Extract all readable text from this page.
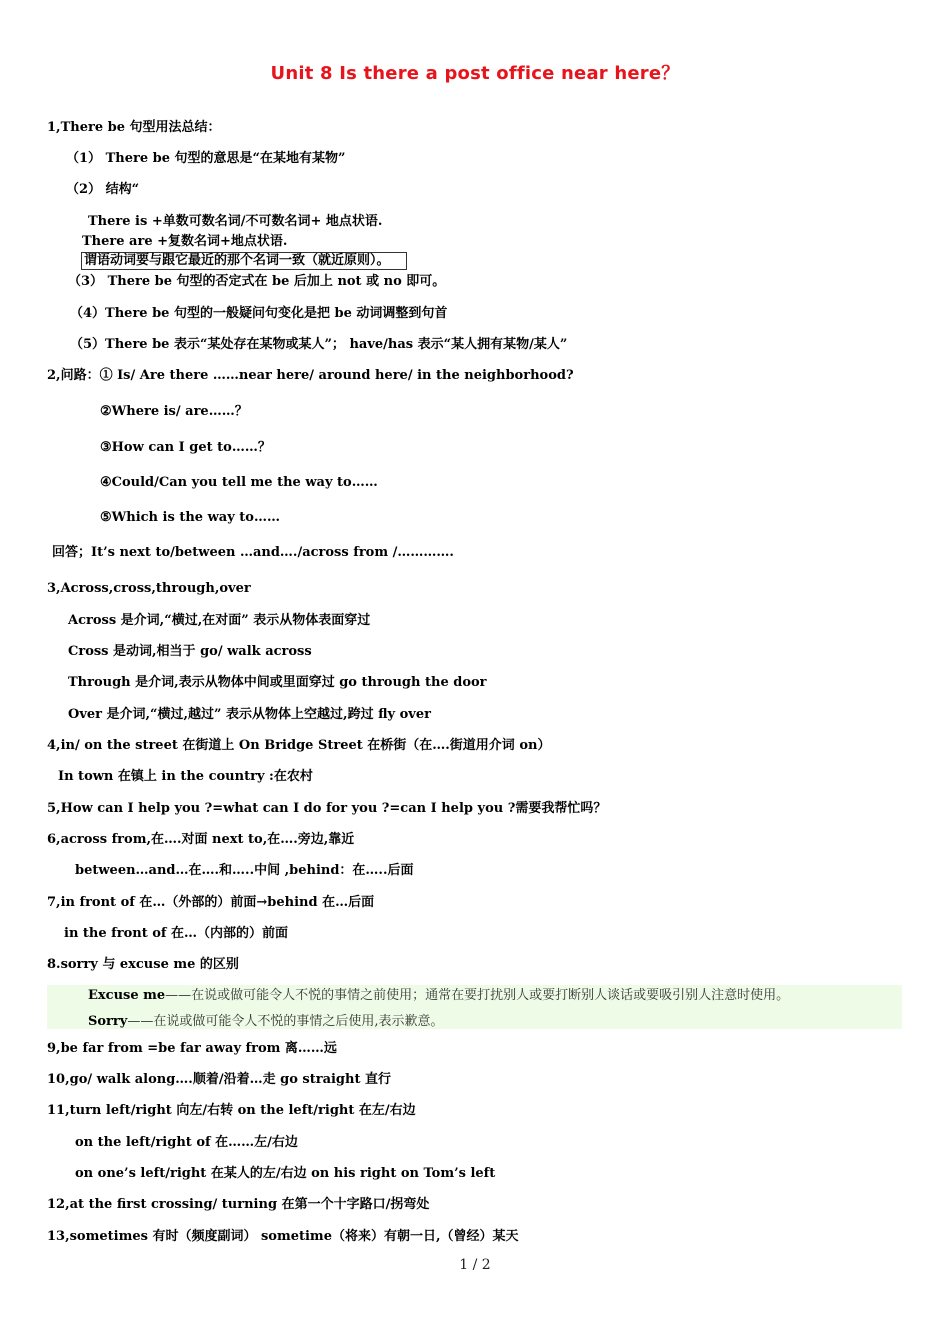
Unit 8 Is there a post office near here？
1,There be 句型用法总结：
（1） There be 句型的意思是“在某地有某物”
（2） 结构“
There is +单数可数名词/不可数名词+ 地点状语.
There are +复数名词+地点状语.
谓语动词要与跟它最近的那个名词一致（就近原则）。
（3） There be 句型的否定式在 be 后加上 not 或 no 即可。
（4）There be 句型的一般疑问句变化是把 be 动词调整到句首
（5）There be 表示“某处存在某物或某人”； have/has 表示“某人拥有某物/某人”
2,问路：① Is/ Are there ……near here/ around here/ in the neighborhood?
②Where is/ are……？
③How can I get to……？
④Could/Can you tell me the way to……
⑤Which is the way to……
回答；It’s next to/between …and…./across from /………….
3,Across,cross,through,over
Across 是介词,“横过,在对面” 表示从物体表面穿过
Cross 是动词,相当于 go/ walk across
Through 是介词,表示从物体中间或里面穿过 go through the door
Over 是介词,“横过,越过” 表示从物体上空越过,跨过 fly over
4,in/ on the street 在街道上 On Bridge Street 在桥街（在….街道用介词 on）
In town 在镇上 in the country :在农村
5,How can I help you ?=what can I do for you ?=can I help you ?需要我帮忙吗？
6,across from,在….对面 next to,在….旁边,靠近
between…and…在….和…..中间 ,behind：在…..后面
7,in front of 在…（外部的）前面→behind 在…后面
in the front of 在…（内部的）前面
8.sorry 与 excuse me 的区别
Excuse me——在说或做可能令人不悦的事情之前使用；通常在要打扰别人或要打断别人谈话或要吸引别人注意时使用。
Sorry——在说或做可能令人不悦的事情之后使用,表示歉意。
9,be far from =be far away from 离……远
10,go/ walk along….顺着/沿着…走 go straight 直行
11,turn left/right 向左/右转 on the left/right 在左/右边
on the left/right of 在……左/右边
on one’s left/right 在某人的左/右边 on his right on Tom’s left
12,at the first crossing/ turning 在第一个十字路口/拐弯处
13,sometimes 有时（频度副词） sometime（将来）有朝一日,（曾经）某天
1 / 2
